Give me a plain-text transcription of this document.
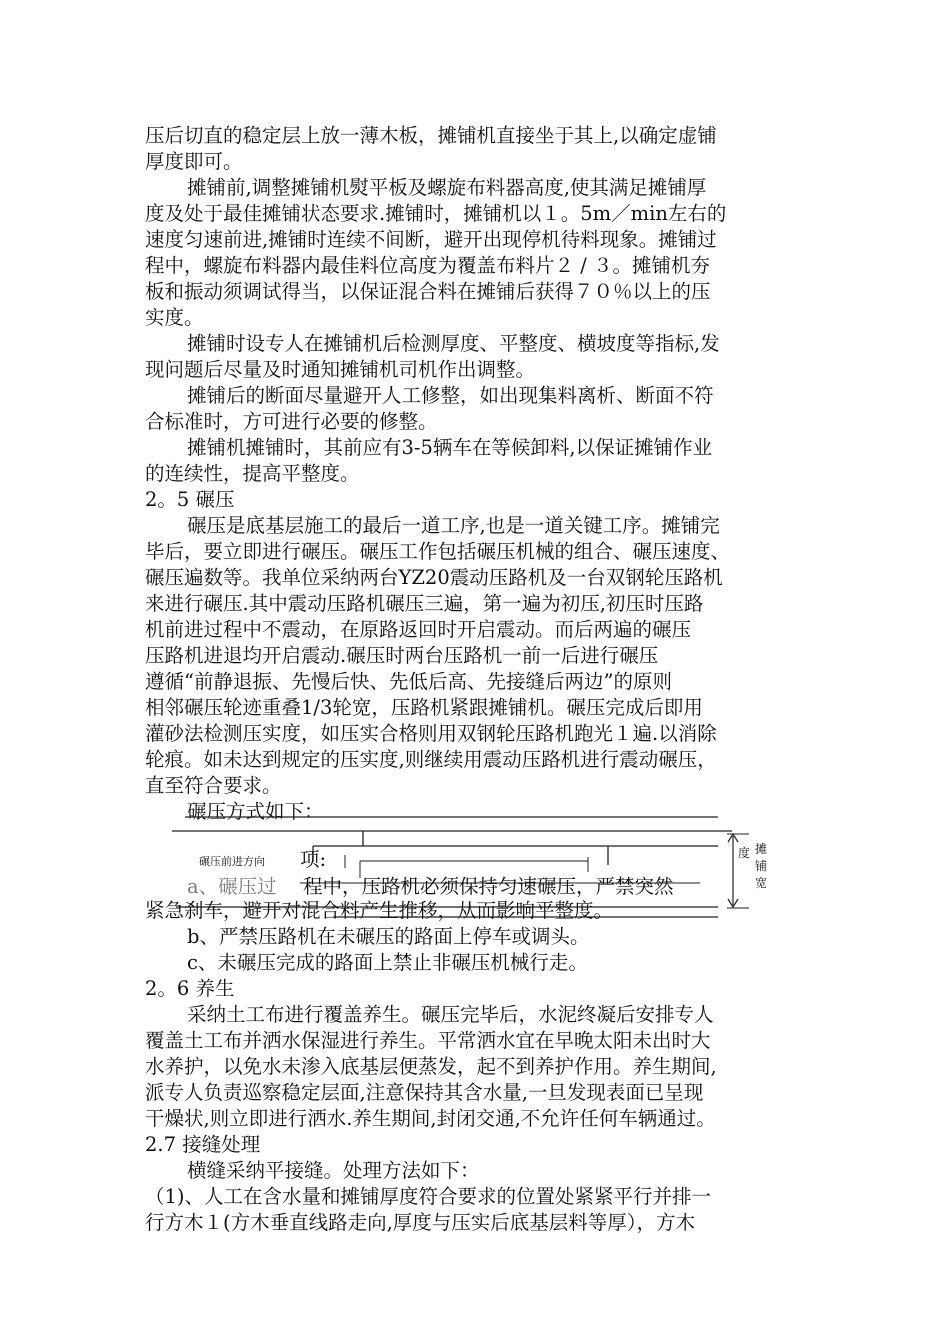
压后切直的稳定层上放一薄木板，摊铺机直接坐于其上,以确定虚铺
厚度即可。
摊铺前,调整摊铺机熨平板及螺旋布料器高度,使其满足摊铺厚
度及处于最佳摊铺状态要求.摊铺时，摊铺机以１。5m／min左右的
速度匀速前进,摊铺时连续不间断，避开出现停机待料现象。摊铺过
程中，螺旋布料器内最佳料位高度为覆盖布料片２ / ３。摊铺机夯
板和振动须调试得当，以保证混合料在摊铺后获得７０％以上的压
实度。
摊铺时设专人在摊铺机后检测厚度、平整度、横坡度等指标,发
现问题后尽量及时通知摊铺机司机作出调整。
摊铺后的断面尽量避开人工修整，如出现集料离析、断面不符
合标准时，方可进行必要的修整。
摊铺机摊铺时，其前应有3-5辆车在等候卸料,以保证摊铺作业
的连续性，提高平整度。
2。5 碾压
碾压是底基层施工的最后一道工序,也是一道关键工序。摊铺完
毕后，要立即进行碾压。碾压工作包括碾压机械的组合、碾压速度、
碾压遍数等。我单位采纳两台YZ20震动压路机及一台双钢轮压路机
来进行碾压.其中震动压路机碾压三遍，第一遍为初压,初压时压路
机前进过程中不震动，在原路返回时开启震动。而后两遍的碾压
压路机进退均开启震动.碾压时两台压路机一前一后进行碾压
遵循“前静退振、先慢后快、先低后高、先接缝后两边”的原则
相邻碾压轮迹重叠1/3轮宽，压路机紧跟摊铺机。碾压完成后即用
灌砂法检测压实度，如压实合格则用双钢轮压路机跑光１遍.以消除
轮痕。如未达到规定的压实度,则继续用震动压路机进行震动碾压，
直至符合要求。
碾压方式如下：
碾压前进方向
度 摊
铺
宽
项:
a、碾压过 程中，压路机必须保持匀速碾压，严禁突然
紧急刹车，避开对混合料产生推移，从而影响平整度。
b、严禁压路机在未碾压的路面上停车或调头。
c、未碾压完成的路面上禁止非碾压机械行走。
2。6 养生
采纳土工布进行覆盖养生。碾压完毕后，水泥终凝后安排专人
覆盖土工布并洒水保湿进行养生。平常洒水宜在早晚太阳未出时大
水养护，以免水未渗入底基层便蒸发，起不到养护作用。养生期间,
派专人负责巡察稳定层面,注意保持其含水量,一旦发现表面已呈现
干燥状,则立即进行洒水.养生期间,封闭交通,不允许任何车辆通过。
2.7 接缝处理
横缝采纳平接缝。处理方法如下：
（1)、人工在含水量和摊铺厚度符合要求的位置处紧紧平行并排一
行方木１(方木垂直线路走向,厚度与压实后底基层料等厚），方木
